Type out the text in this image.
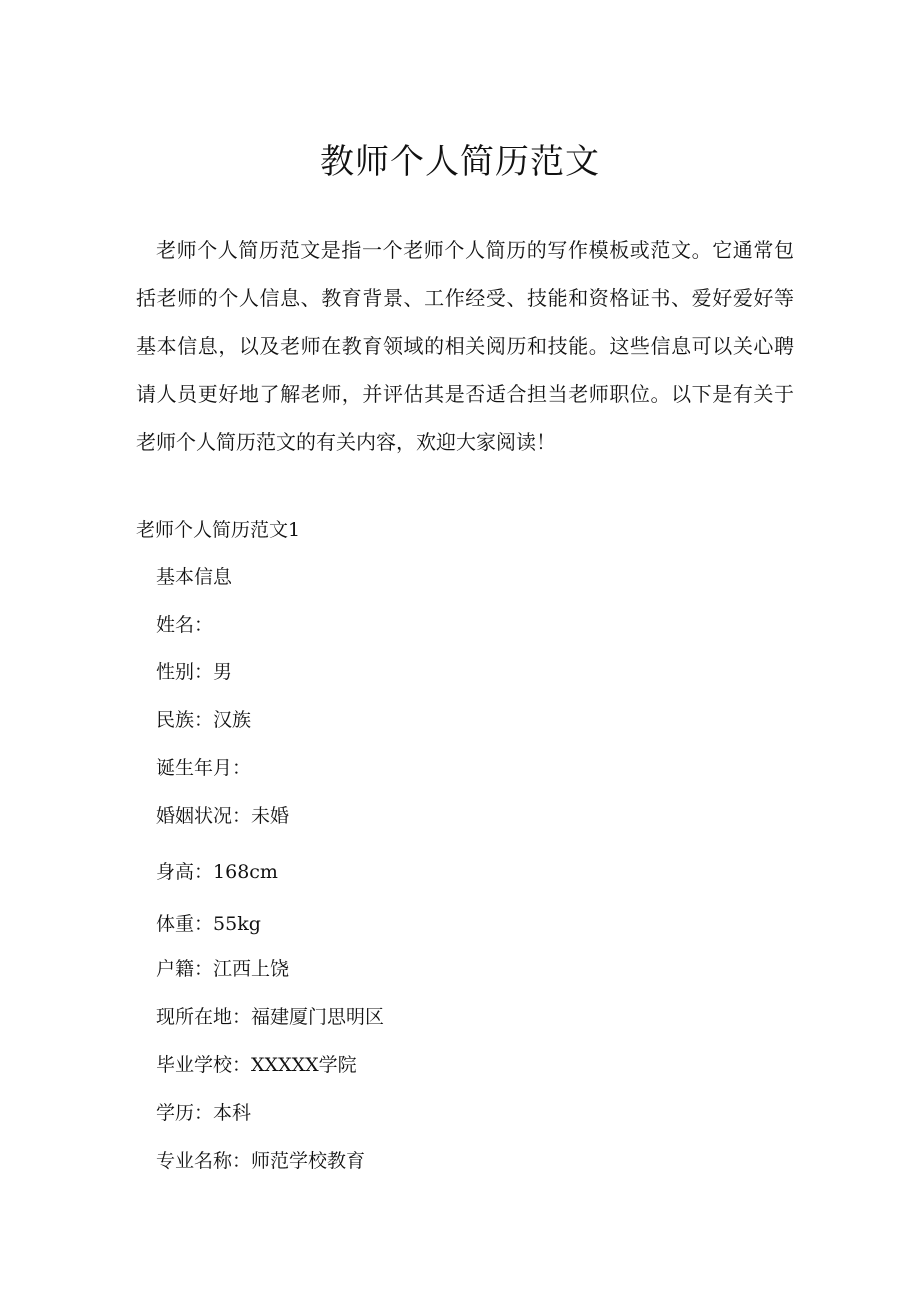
教师个人简历范文

老师个人简历范文是指一个老师个人简历的写作模板或范文。它通常包括老师的个人信息、教育背景、工作经受、技能和资格证书、爱好爱好等基本信息，以及老师在教育领域的相关阅历和技能。这些信息可以关心聘请人员更好地了解老师，并评估其是否适合担当老师职位。以下是有关于老师个人简历范文的有关内容，欢迎大家阅读！

老师个人简历范文1

基本信息

姓名：

性别：男

民族：汉族

诞生年月：

婚姻状况：未婚

身高：168cm

体重：55kg

户籍：江西上饶

现所在地：福建厦门思明区

毕业学校：XXXXX学院

学历：本科

专业名称：师范学校教育
